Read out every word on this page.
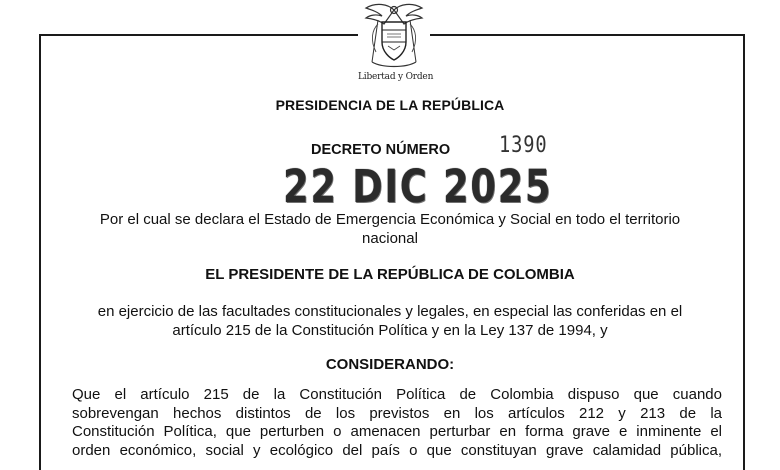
Libertad y Orden
PRESIDENCIA DE LA REPÚBLICA
DECRETO NÚMERO 1390
22 DIC 2025
Por el cual se declara el Estado de Emergencia Económica y Social en todo el territorio
nacional
EL PRESIDENTE DE LA REPÚBLICA DE COLOMBIA
en ejercicio de las facultades constitucionales y legales, en especial las conferidas en el
artículo 215 de la Constitución Política y en la Ley 137 de 1994, y
CONSIDERANDO:
Que el artículo 215 de la Constitución Política de Colombia dispuso que cuando
sobrevengan hechos distintos de los previstos en los artículos 212 y 213 de la
Constitución Política, que perturben o amenacen perturbar en forma grave e inminente el
orden económico, social y ecológico del país o que constituyan grave calamidad pública,
